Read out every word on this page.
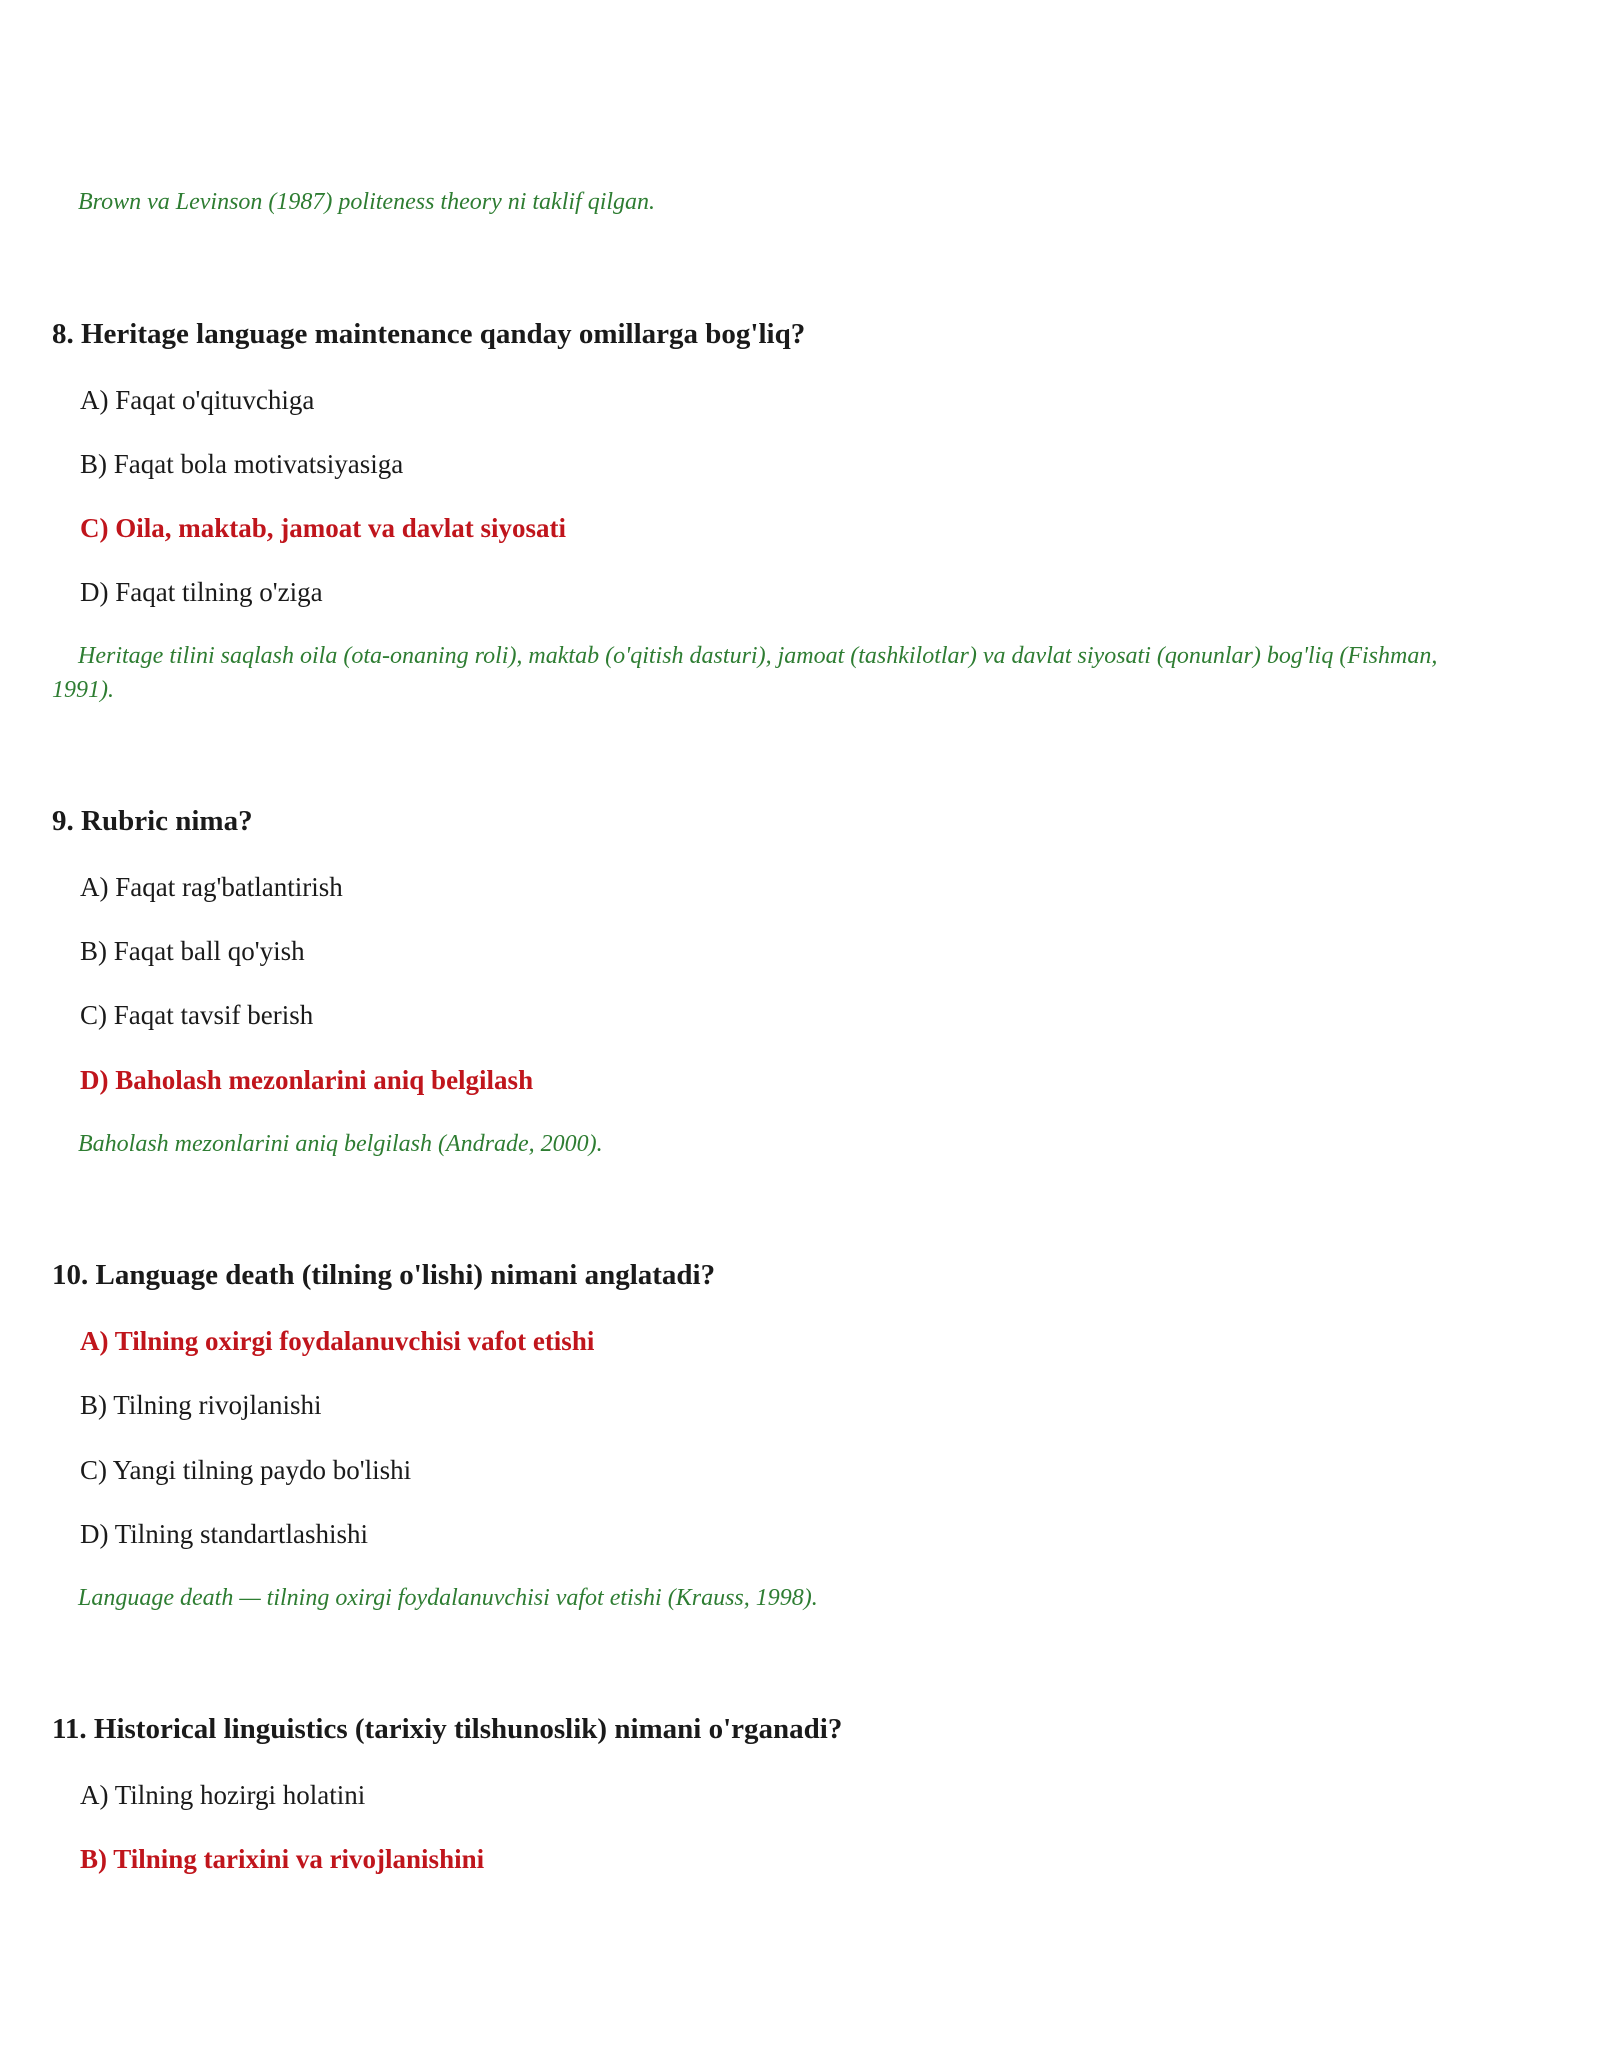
Brown va Levinson (1987) politeness theory ni taklif qilgan.

8. Heritage language maintenance qanday omillarga bog'liq?

A) Faqat o'qituvchiga

B) Faqat bola motivatsiyasiga

C) Oila, maktab, jamoat va davlat siyosati

D) Faqat tilning o'ziga

Heritage tilini saqlash oila (ota-onaning roli), maktab (o'qitish dasturi), jamoat (tashkilotlar) va davlat siyosati (qonunlar) bog'liq (Fishman, 1991).

9. Rubric nima?

A) Faqat rag'batlantirish

B) Faqat ball qo'yish

C) Faqat tavsif berish

D) Baholash mezonlarini aniq belgilash

Baholash mezonlarini aniq belgilash (Andrade, 2000).

10. Language death (tilning o'lishi) nimani anglatadi?

A) Tilning oxirgi foydalanuvchisi vafot etishi

B) Tilning rivojlanishi

C) Yangi tilning paydo bo'lishi

D) Tilning standartlashishi

Language death — tilning oxirgi foydalanuvchisi vafot etishi (Krauss, 1998).

11. Historical linguistics (tarixiy tilshunoslik) nimani o'rganadi?

A) Tilning hozirgi holatini

B) Tilning tarixini va rivojlanishini
